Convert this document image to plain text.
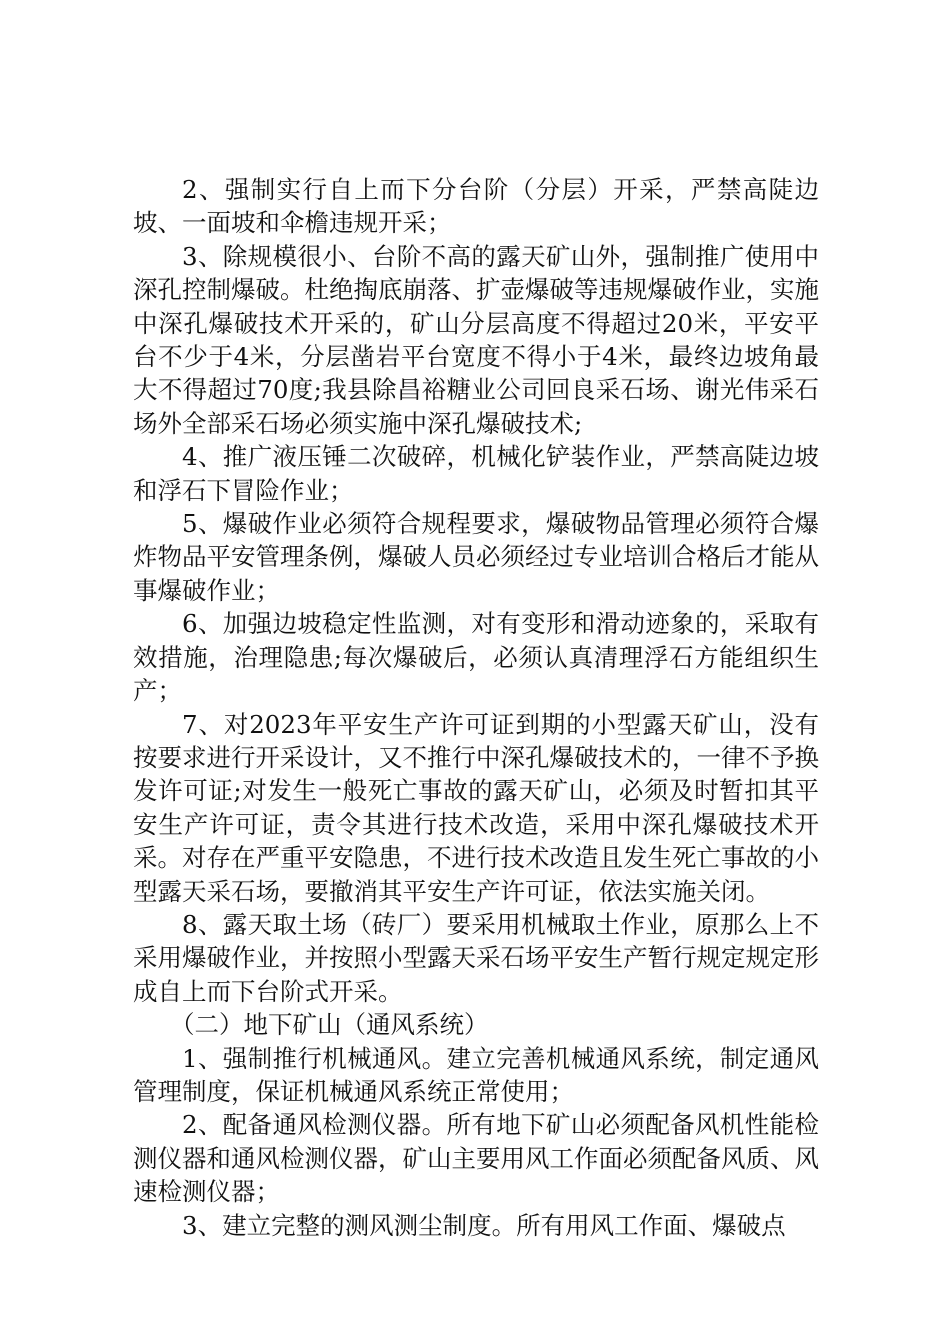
2、强制实行自上而下分台阶（分层）开采，严禁高陡边坡、一面坡和伞檐违规开采；

3、除规模很小、台阶不高的露天矿山外，强制推广使用中深孔控制爆破。杜绝掏底崩落、扩壶爆破等违规爆破作业，实施中深孔爆破技术开采的，矿山分层高度不得超过20米，平安平台不少于4米，分层凿岩平台宽度不得小于4米，最终边坡角最大不得超过70度;我县除昌裕糖业公司回良采石场、谢光伟采石场外全部采石场必须实施中深孔爆破技术;

4、推广液压锤二次破碎，机械化铲装作业，严禁高陡边坡和浮石下冒险作业；

5、爆破作业必须符合规程要求，爆破物品管理必须符合爆炸物品平安管理条例，爆破人员必须经过专业培训合格后才能从事爆破作业；

6、加强边坡稳定性监测，对有变形和滑动迹象的，采取有效措施，治理隐患;每次爆破后，必须认真清理浮石方能组织生产；

7、对2023年平安生产许可证到期的小型露天矿山，没有按要求进行开采设计，又不推行中深孔爆破技术的，一律不予换发许可证;对发生一般死亡事故的露天矿山，必须及时暂扣其平安生产许可证，责令其进行技术改造，采用中深孔爆破技术开采。对存在严重平安隐患，不进行技术改造且发生死亡事故的小型露天采石场，要撤消其平安生产许可证，依法实施关闭。

8、露天取土场（砖厂）要采用机械取土作业，原那么上不采用爆破作业，并按照小型露天采石场平安生产暂行规定规定形成自上而下台阶式开采。

（二）地下矿山（通风系统）

1、强制推行机械通风。建立完善机械通风系统，制定通风管理制度，保证机械通风系统正常使用；

2、配备通风检测仪器。所有地下矿山必须配备风机性能检测仪器和通风检测仪器，矿山主要用风工作面必须配备风质、风速检测仪器；

3、建立完整的测风测尘制度。所有用风工作面、爆破点
